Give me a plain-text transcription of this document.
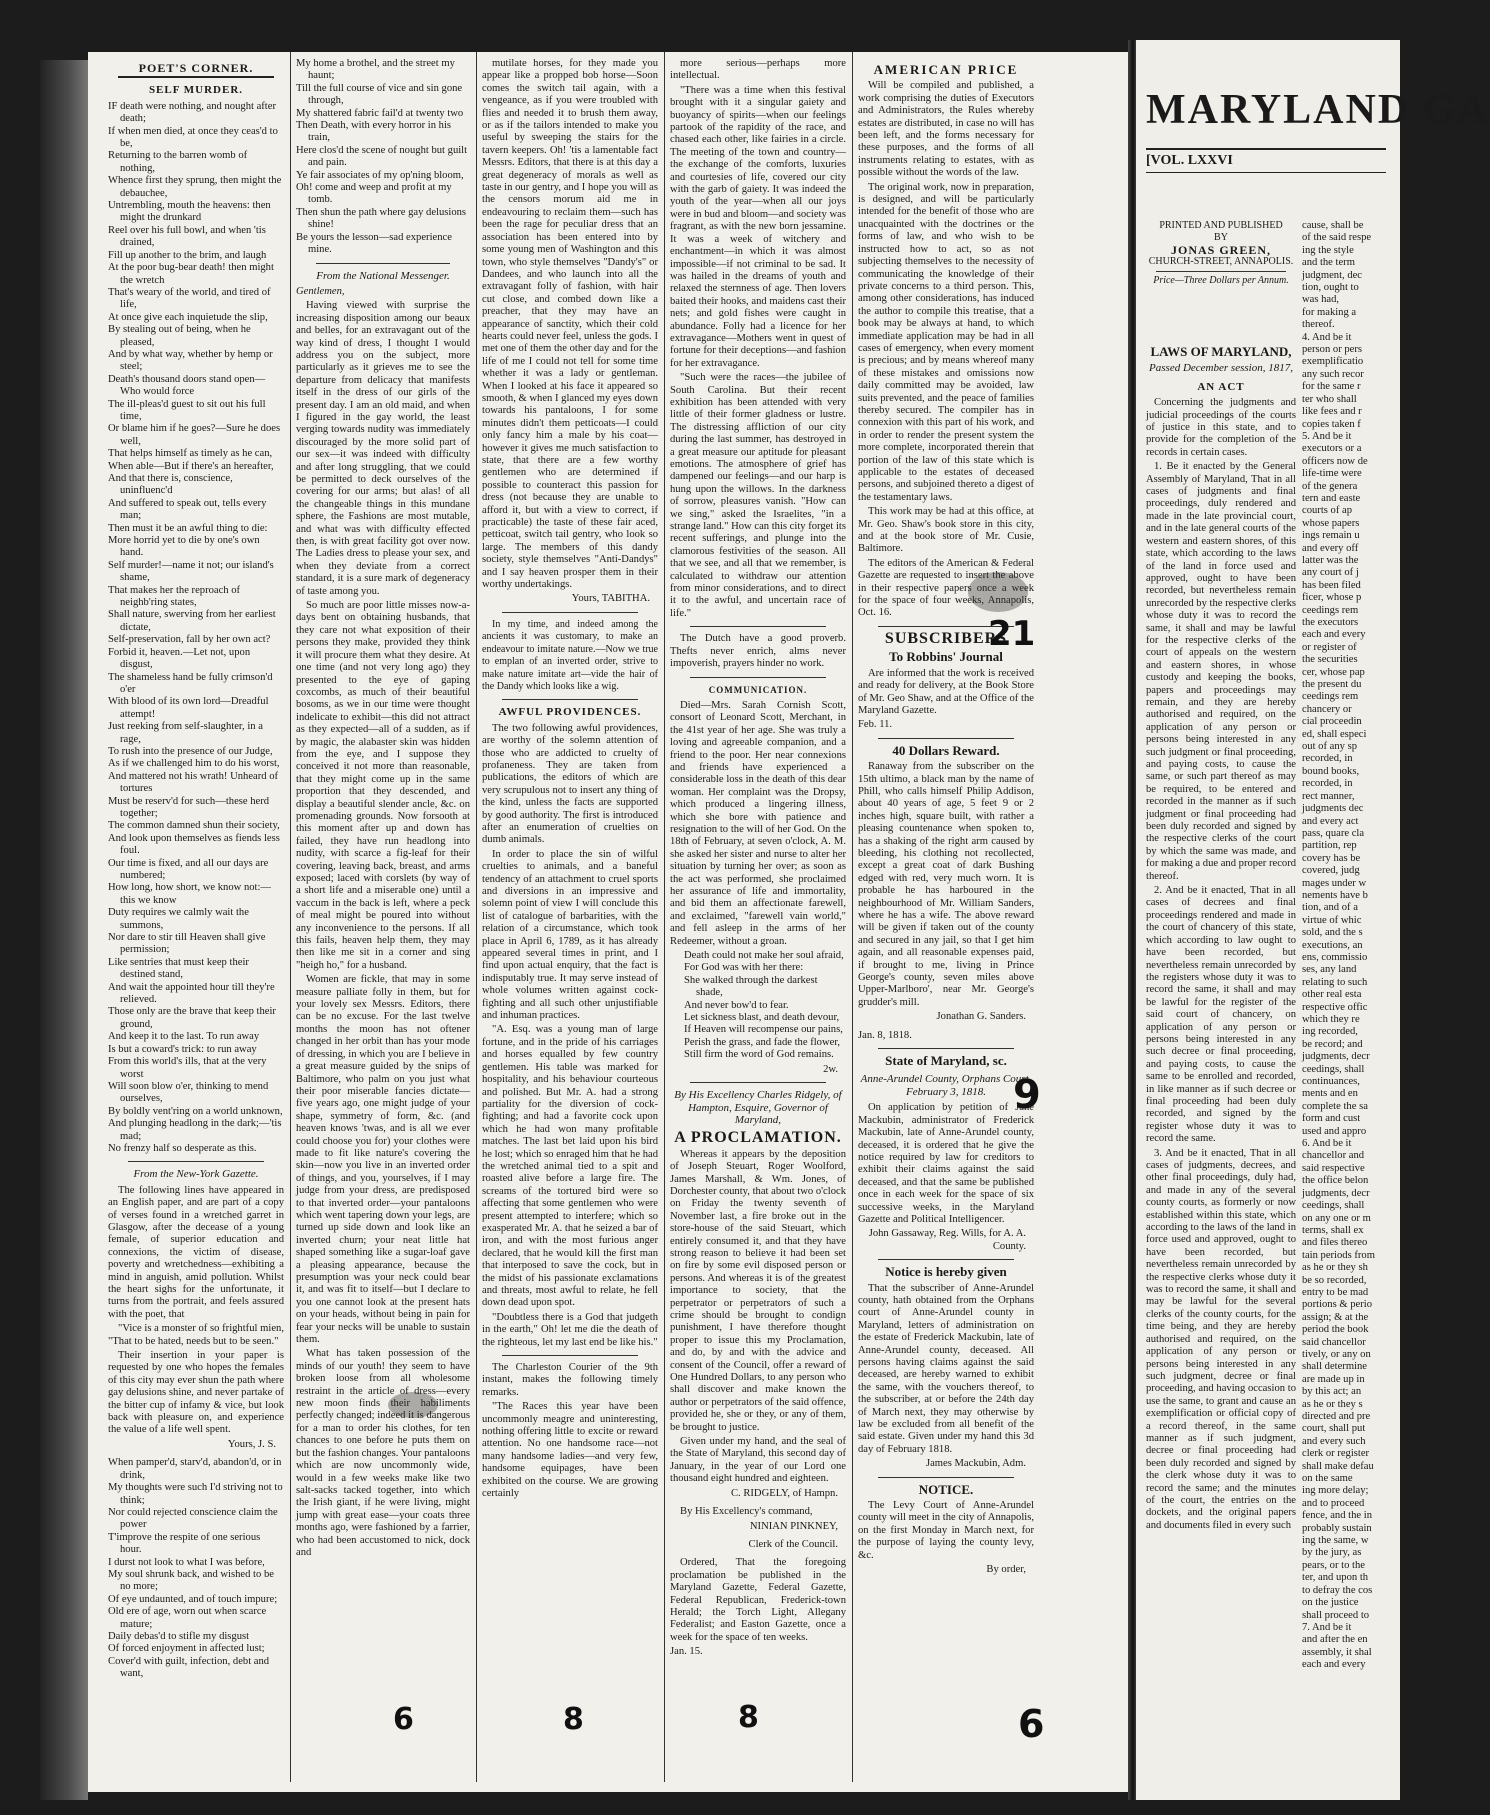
POET'S CORNER.
SELF MURDER.
IF death were nothing, and nought after death;
If when men died, at once they ceas'd to be,
Returning to the barren womb of nothing,
Whence first they sprung, then might the debauchee,
Untrembling, mouth the heavens: then might the drunkard
Reel over his full bowl, and when 'tis drained,
Fill up another to the brim, and laugh
At the poor bug-bear death! then might the wretch
That's weary of the world, and tired of life,
At once give each inquietude the slip,
By stealing out of being, when he pleased,
And by what way, whether by hemp or steel;
Death's thousand doors stand open—Who would force
The ill-pleas'd guest to sit out his full time,
Or blame him if he goes?—Sure he does well,
That helps himself as timely as he can,
When able—But if there's an hereafter,
And that there is, conscience, uninfluenc'd
And suffered to speak out, tells every man;
Then must it be an awful thing to die:
More horrid yet to die by one's own hand.
Self murder!—name it not; our island's shame,
That makes her the reproach of neighb'ring states,
Shall nature, swerving from her earliest dictate,
Self-preservation, fall by her own act?
Forbid it, heaven.—Let not, upon disgust,
The shameless hand be fully crimson'd o'er
With blood of its own lord—Dreadful attempt!
Just reeking from self-slaughter, in a rage,
To rush into the presence of our Judge,
As if we challenged him to do his worst,
And mattered not his wrath! Unheard of tortures
Must be reserv'd for such—these herd together;
The common damned shun their society,
And look upon themselves as fiends less foul.
Our time is fixed, and all our days are numbered;
How long, how short, we know not:—this we know
Duty requires we calmly wait the summons,
Nor dare to stir till Heaven shall give permission;
Like sentries that must keep their destined stand,
And wait the appointed hour till they're relieved.
Those only are the brave that keep their ground,
And keep it to the last. To run away
Is but a coward's trick: to run away
From this world's ills, that at the very worst
Will soon blow o'er, thinking to mend ourselves,
By boldly vent'ring on a world unknown,
And plunging headlong in the dark;—'tis mad;
No frenzy half so desperate as this.
From the New-York Gazette.

The following lines have appeared in an English paper, and are part of a copy of verses found in a wretched garret in Glasgow, after the decease of a young female, of superior education and connexions, the victim of disease, poverty and wretchedness—exhibiting a mind in anguish, amid pollution. Whilst the heart sighs for the unfortunate, it turns from the portrait, and feels assured with the poet, that

"Vice is a monster of so frightful mien, "That to be hated, needs but to be seen."

Their insertion in your paper is requested by one who hopes the females of this city may ever shun the path where gay delusions shine, and never partake of the bitter cup of infamy & vice, but look back with pleasure on, and experience the value of a life well spent.

Yours, J. S.
When pamper'd, starv'd, abandon'd, or in drink,
My thoughts were such I'd striving not to think;
Nor could rejected conscience claim the power
T'improve the respite of one serious hour.
I durst not look to what I was before,
My soul shrunk back, and wished to be no more;
Of eye undaunted, and of touch impure;
Old ere of age, worn out when scarce mature;
Daily debas'd to stifle my disgust
Of forced enjoyment in affected lust;
Cover'd with guilt, infection, debt and want,
My home a brothel, and the street my haunt;
Till the full course of vice and sin gone through,
My shattered fabric fail'd at twenty two
Then Death, with every horror in his train,
Here clos'd the scene of nought but guilt and pain.
Ye fair associates of my op'ning bloom,
Oh! come and weep and profit at my tomb.
Then shun the path where gay delusions shine!
Be yours the lesson—sad experience mine.
From the National Messenger.
Gentlemen,

Having viewed with surprise the increasing disposition among our beaux and belles, for an extravagant out of the way kind of dress, I thought I would address you on the subject, more particularly as it grieves me to see the departure from delicacy that manifests itself in the dress of our girls of the present day. I am an old maid, and when I figured in the gay world, the least verging towards nudity was immediately discouraged by the more solid part of our sex—it was indeed with difficulty and after long struggling, that we could be permitted to deck ourselves of the covering for our arms; but alas! of all the changeable things in this mundane sphere, the Fashions are most mutable, and what was with difficulty effected then, is with great facility got over now. The Ladies dress to please your sex, and when they deviate from a correct standard, it is a sure mark of degeneracy of taste among you.

So much are poor little misses now-a-days bent on obtaining husbands, that they care not what exposition of their persons they make, provided they think it will procure them what they desire. At one time (and not very long ago) they presented to the eye of gaping coxcombs, as much of their beautiful bosoms, as we in our time were thought indelicate to exhibit—this did not attract as they expected—all of a sudden, as if by magic, the alabaster skin was hidden from the eye, and I suppose they conceived it not more than reasonable, that they might come up in the same proportion that they descended, and display a beautiful slender ancle, &c. on promenading grounds. Now forsooth at this moment after up and down has failed, they have run headlong into nudity, with scarce a fig-leaf for their covering, leaving back, breast, and arms exposed; laced with corslets (by way of a short life and a miserable one) until a vaccum in the back is left, where a peck of meal might be poured into without any inconvenience to the persons. If all this fails, heaven help them, they may then like me sit in a corner and sing "heigh ho," for a husband.

Women are fickle, that may in some measure palliate folly in them, but for your lovely sex Messrs. Editors, there can be no excuse. For the last twelve months the moon has not oftener changed in her orbit than has your mode of dressing, in which you are I believe in a great measure guided by the snips of Baltimore, who palm on you just what their poor miserable fancies dictate—five years ago, one might judge of your shape, symmetry of form, &c. (and heaven knows 'twas, and is all we ever could choose you for) your clothes were made to fit like nature's covering the skin—now you live in an inverted order of things, and you, yourselves, if I may judge from your dress, are predisposed to that inverted order—your pantaloons which went tapering down your legs, are turned up side down and look like an inverted churn; your neat little hat shaped something like a sugar-loaf gave a pleasing appearance, because the presumption was your neck could bear it, and was fit to itself—but I declare to you one cannot look at the present hats on your heads, without being in pain for fear your necks will be unable to sustain them.

What has taken possession of the minds of our youth! they seem to have broken loose from all wholesome restraint in the article of dress—every new moon finds their habiliments perfectly changed; indeed it is dangerous for a man to order his clothes, for ten chances to one before he puts them on but the fashion changes. Your pantaloons which are now uncommonly wide, would in a few weeks make like two salt-sacks tacked together, into which the Irish giant, if he were living, might jump with great ease—your coats three months ago, were fashioned by a farrier, who had been accustomed to nick, dock and

mutilate horses, for they made you appear like a propped bob horse—Soon comes the switch tail again, with a vengeance, as if you were troubled with flies and needed it to brush them away, or as if the tailors intended to make you useful by sweeping the stairs for the tavern keepers. Oh! 'tis a lamentable fact Messrs. Editors, that there is at this day a great degeneracy of morals as well as taste in our gentry, and I hope you will as the censors morum aid me in endeavouring to reclaim them—such has been the rage for peculiar dress that an association has been entered into by some young men of Washington and this town, who style themselves "Dandy's" or Dandees, and who launch into all the extravagant folly of fashion, with hair cut close, and combed down like a preacher, that they may have an appearance of sanctity, which their cold hearts could never feel, unless the gods. I met one of them the other day and for the life of me I could not tell for some time whether it was a lady or gentleman. When I looked at his face it appeared so smooth, & when I glanced my eyes down towards his pantaloons, I for some minutes didn't them petticoats—I could only fancy him a male by his coat—however it gives me much satisfaction to state, that there are a few worthy gentlemen who are determined if possible to counteract this passion for dress (not because they are unable to afford it, but with a view to correct, if practicable) the taste of these fair aced, petticoat, switch tail gentry, who look so large. The members of this dandy society, style themselves "Anti-Dandys" and I say heaven prosper them in their worthy undertakings.

Yours, TABITHA.

In my time, and indeed among the ancients it was customary, to make an endeavour to imitate nature.—Now we true to emplan of an inverted order, strive to make nature imitate art—vide the hair of the Dandy which looks like a wig.

AWFUL PROVIDENCES.

The two following awful providences, are worthy of the solemn attention of those who are addicted to cruelty of profaneness. They are taken from publications, the editors of which are very scrupulous not to insert any thing of the kind, unless the facts are supported by good authority. The first is introduced after an enumeration of cruelties on dumb animals.

In order to place the sin of wilful cruelties to animals, and a baneful tendency of an attachment to cruel sports and diversions in an impressive and solemn point of view I will conclude this list of catalogue of barbarities, with the relation of a circumstance, which took place in April 6, 1789, as it has already appeared several times in print, and I find upon actual enquiry, that the fact is indisputably true. It may serve instead of whole volumes written against cock-fighting and all such other unjustifiable and inhuman practices.

"A. Esq. was a young man of large fortune, and in the pride of his carriages and horses equalled by few country gentlemen. His table was marked for hospitality, and his behaviour courteous and polished. But Mr. A. had a strong partiality for the diversion of cock-fighting; and had a favorite cock upon which he had won many profitable matches. The last bet laid upon his bird he lost; which so enraged him that he had the wretched animal tied to a spit and roasted alive before a large fire. The screams of the tortured bird were so affecting that some gentlemen who were present attempted to interfere; which so exasperated Mr. A. that he seized a bar of iron, and with the most furious anger declared, that he would kill the first man that interposed to save the cock, but in the midst of his passionate exclamations and threats, most awful to relate, he fell down dead upon spot.

"Doubtless there is a God that judgeth in the earth," Oh! let me die the death of the righteous, let my last end be like his."

The Charleston Courier of the 9th instant, makes the following timely remarks.

"The Races this year have been uncommonly meagre and uninteresting, nothing offering little to excite or reward attention. No one handsome race—not many handsome ladies—and very few, handsome equipages, have been exhibited on the course. We are growing certainly

more serious—perhaps more intellectual.

"There was a time when this festival brought with it a singular gaiety and buoyancy of spirits—when our feelings partook of the rapidity of the race, and chased each other, like fairies in a circle. The meeting of the town and country—the exchange of the comforts, luxuries and courtesies of life, covered our city with the garb of gaiety. It was indeed the youth of the year—when all our joys were in bud and bloom—and society was fragrant, as with the new born jessamine. It was a week of witchery and enchantment—in which it was almost impossible—if not criminal to be sad. It was hailed in the dreams of youth and relaxed the sternness of age. Then lovers baited their hooks, and maidens cast their nets; and gold fishes were caught in abundance. Folly had a licence for her extravagance—Mothers went in quest of fortune for their deceptions—and fashion for her extravagance.

"Such were the races—the jubilee of South Carolina. But their recent exhibition has been attended with very little of their former gladness or lustre. The distressing affliction of our city during the last summer, has destroyed in a great measure our aptitude for pleasant emotions. The atmosphere of grief has dampened our feelings—and our harp is hung upon the willows. In the darkness of sorrow, pleasures vanish. "How can we sing," asked the Israelites, "in a strange land." How can this city forget its recent sufferings, and plunge into the clamorous festivities of the season. All that we see, and all that we remember, is calculated to withdraw our attention from minor considerations, and to direct it to the awful, and uncertain race of life."

The Dutch have a good proverb. Thefts never enrich, alms never impoverish, prayers hinder no work.

COMMUNICATION.

Died—Mrs. Sarah Cornish Scott, consort of Leonard Scott, Merchant, in the 41st year of her age. She was truly a loving and agreeable companion, and a friend to the poor. Her near connexions and friends have experienced a considerable loss in the death of this dear woman. Her complaint was the Dropsy, which produced a lingering illness, which she bore with patience and resignation to the will of her God. On the 18th of February, at seven o'clock, A. M. she asked her sister and nurse to alter her situation by turning her over; as soon as the act was performed, she proclaimed her assurance of life and immortality, and bid them an affectionate farewell, and exclaimed, "farewell vain world," and fell asleep in the arms of her Redeemer, without a groan.

Death could not make her soul afraid,
For God was with her there:
She walked through the darkest shade,
And never bow'd to fear.
Let sickness blast, and death devour,
If Heaven will recompense our pains,
Perish the grass, and fade the flower,
Still firm the word of God remains.
2w.
By His Excellency Charles Ridgely, of Hampton, Esquire, Governor of Maryland,
A PROCLAMATION.

Whereas it appears by the deposition of Joseph Steuart, Roger Woolford, James Marshall, & Wm. Jones, of Dorchester county, that about two o'clock on Friday the twenty seventh of November last, a fire broke out in the store-house of the said Steuart, which entirely consumed it, and that they have strong reason to believe it had been set on fire by some evil disposed person or persons. And whereas it is of the greatest importance to society, that the perpetrator or perpetrators of such a crime should be brought to condign punishment, I have therefore thought proper to issue this my Proclamation, and do, by and with the advice and consent of the Council, offer a reward of One Hundred Dollars, to any person who shall discover and make known the author or perpetrators of the said offence, provided he, she or they, or any of them, be brought to justice.

Given under my hand, and the seal of the State of Maryland, this second day of January, in the year of our Lord one thousand eight hundred and eighteen.

C. RIDGELY, of Hampn.
By His Excellency's command,
NINIAN PINKNEY,
Clerk of the Council.

Ordered, That the foregoing proclamation be published in the Maryland Gazette, Federal Gazette, Federal Republican, Frederick-town Herald; the Torch Light, Allegany Federalist; and Easton Gazette, once a week for the space of ten weeks.

Jan. 15.
AMERICAN PRICE

Will be compiled and published, a work comprising the duties of Executors and Administrators, the Rules whereby estates are distributed, in case no will has been left, and the forms necessary for these purposes, and the forms of all instruments relating to estates, with as possible without the words of the law.

The original work, now in preparation, is designed, and will be particularly intended for the benefit of those who are unacquainted with the doctrines or the forms of law, and who wish to be instructed how to act, so as not subjecting themselves to the necessity of communicating the knowledge of their private concerns to a third person. This, among other considerations, has induced the author to compile this treatise, that a book may be always at hand, to which immediate application may be had in all cases of emergency, when every moment is precious; and by means whereof many of these mistakes and omissions now daily committed may be avoided, law suits prevented, and the peace of families thereby secured. The compiler has in connexion with this part of his work, and in order to render the present system the more complete, incorporated therein that portion of the law of this state which is applicable to the estates of deceased persons, and subjoined thereto a digest of the testamentary laws.

This work may be had at this office, at Mr. Geo. Shaw's book store in this city, and at the book store of Mr. Cusie, Baltimore.

The editors of the American & Federal Gazette are requested to insert the above in their respective papers once a week for the space of four weeks, Annapolis, Oct. 16.

SUBSCRIBERS
To Robbins' Journal

Are informed that the work is received and ready for delivery, at the Book Store of Mr. Geo Shaw, and at the Office of the Maryland Gazette.

Feb. 11.
40 Dollars Reward.

Ranaway from the subscriber on the 15th ultimo, a black man by the name of Phill, who calls himself Philip Addison, about 40 years of age, 5 feet 9 or 2 inches high, square built, with rather a pleasing countenance when spoken to, has a shaking of the right arm caused by bleeding, his clothing not recollected, except a great coat of dark Bushing edged with red, very much worn. It is probable he has harboured in the neighbourhood of Mr. William Sanders, where he has a wife. The above reward will be given if taken out of the county and secured in any jail, so that I get him again, and all reasonable expenses paid, if brought to me, living in Prince George's county, seven miles above Upper-Marlboro', near Mr. George's grudder's mill.

Jonathan G. Sanders.
Jan. 8, 1818.
State of Maryland, sc.
Anne-Arundel County, Orphans Court, February 3, 1818.

On application by petition of Jane Mackubin, administrator of Frederick Mackubin, late of Anne-Arundel county, deceased, it is ordered that he give the notice required by law for creditors to exhibit their claims against the said deceased, and that the same be published once in each week for the space of six successive weeks, in the Maryland Gazette and Political Intelligencer.

John Gassaway, Reg. Wills, for A. A. County.
Notice is hereby given

That the subscriber of Anne-Arundel county, hath obtained from the Orphans court of Anne-Arundel county in Maryland, letters of administration on the estate of Frederick Mackubin, late of Anne-Arundel county, deceased. All persons having claims against the said deceased, are hereby warned to exhibit the same, with the vouchers thereof, to the subscriber, at or before the 24th day of March next, they may otherwise by law be excluded from all benefit of the said estate. Given under my hand this 3d day of February 1818.

James Mackubin, Adm.
NOTICE.

The Levy Court of Anne-Arundel county will meet in the city of Annapolis, on the first Monday in March next, for the purpose of laying the county levy, &c.

By order,
21
9
6	8	8	6
MARYLAND GA
[VOL. LXXVI
PRINTED AND PUBLISHED
BY
JONAS GREEN,
CHURCH-STREET, ANNAPOLIS.
Price—Three Dollars per Annum.
LAWS OF MARYLAND,
Passed December session, 1817,
AN ACT

Concerning the judgments and judicial proceedings of the courts of justice in this state, and to provide for the completion of the records in certain cases.

1. Be it enacted by the General Assembly of Maryland, That in all cases of judgments and final proceedings, duly rendered and made in the late provincial court, and in the late general courts of the western and eastern shores, of this state, which according to the laws of the land in force used and approved, ought to have been recorded, but nevertheless remain unrecorded by the respective clerks whose duty it was to record the same, it shall and may be lawful for the respective clerks of the court of appeals on the western and eastern shores, in whose custody and keeping the books, papers and proceedings may remain, and they are hereby authorised and required, on the application of any person or persons being interested in any such judgment or final proceeding, and paying costs, to cause the same, or such part thereof as may be required, to be entered and recorded in the manner as if such judgment or final proceeding had been duly recorded and signed by the respective clerks of the court by which the same was made, and for making a due and proper record thereof.

2. And be it enacted, That in all cases of decrees and final proceedings rendered and made in the court of chancery of this state, which according to law ought to have been recorded, but nevertheless remain unrecorded by the registers whose duty it was to record the same, it shall and may be lawful for the register of the said court of chancery, on application of any person or persons being interested in any such decree or final proceeding, and paying costs, to cause the same to be enrolled and recorded, in like manner as if such decree or final proceeding had been duly recorded, and signed by the register whose duty it was to record the same.

3. And be it enacted, That in all cases of judgments, decrees, and other final proceedings, duly had, and made in any of the several county courts, as formerly or now established within this state, which according to the laws of the land in force used and approved, ought to have been recorded, but nevertheless remain unrecorded by the respective clerks whose duty it was to record the same, it shall and may be lawful for the several clerks of the county courts, for the time being, and they are hereby authorised and required, on the application of any person or persons being interested in any such judgment, decree or final proceeding, and having occasion to use the same, to grant and cause an exemplification or official copy of a record thereof, in the same manner as if such judgment, decree or final proceeding had been duly recorded and signed by the clerk whose duty it was to record the same; and the minutes of the court, the entries on the dockets, and the original papers and documents filed in every such

cause, shall be
of the said respe
ing the style
and the term
judgment, dec
tion, ought to
was had,
for making a
thereof.
4. And be it
person or pers
exemplificatio
any such recor
for the same r
ter who shall
like fees and r
copies taken f
5. And be it
executors or a
officers now de
life-time were
of the genera
tern and easte
courts of ap
whose papers
ings remain u
and every off
latter was the
any court of j
has been filed
ficer, whose p
ceedings rem
the executors
each and every
or register of
the securities
cer, whose pap
the present du
ceedings rem
chancery or
cial proceedin
ed, shall especi
out of any sp
recorded, in
bound books,
recorded, in
rect manner,
judgments dec
and every act
pass, quare cla
partition, rep
covery has be
covered, judg
mages under w
nements have b
tion, and of a
virtue of whic
sold, and the s
executions, an
ens, commissio
ses, any land
relating to such
other real esta
respective offic
which they re
ing recorded,
be record; and
judgments, decr
ceedings, shall
continuances,
ments and en
complete the sa
form and cust
used and appro
6. And be it
chancellor and
said respective
the office belon
judgments, decr
ceedings, shall
on any one or m
terms, shall ex
and files thereo
tain periods from
as he or they sh
be so recorded,
entry to be mad
portions & perio
assign; & at the
period the book
said chancellor
tively, or any on
shall determine
are made up in
by this act; an
as he or they s
directed and pre
court, shall put
and every such
clerk or register
shall make defau
on the same
ing more delay;
and to proceed
fence, and the in
probably sustain
ing the same, w
by the jury, as
pears, or to the
ter, and upon th
to defray the cos
on the justice
shall proceed to
7. And be it
and after the en
assembly, it shal
each and every
